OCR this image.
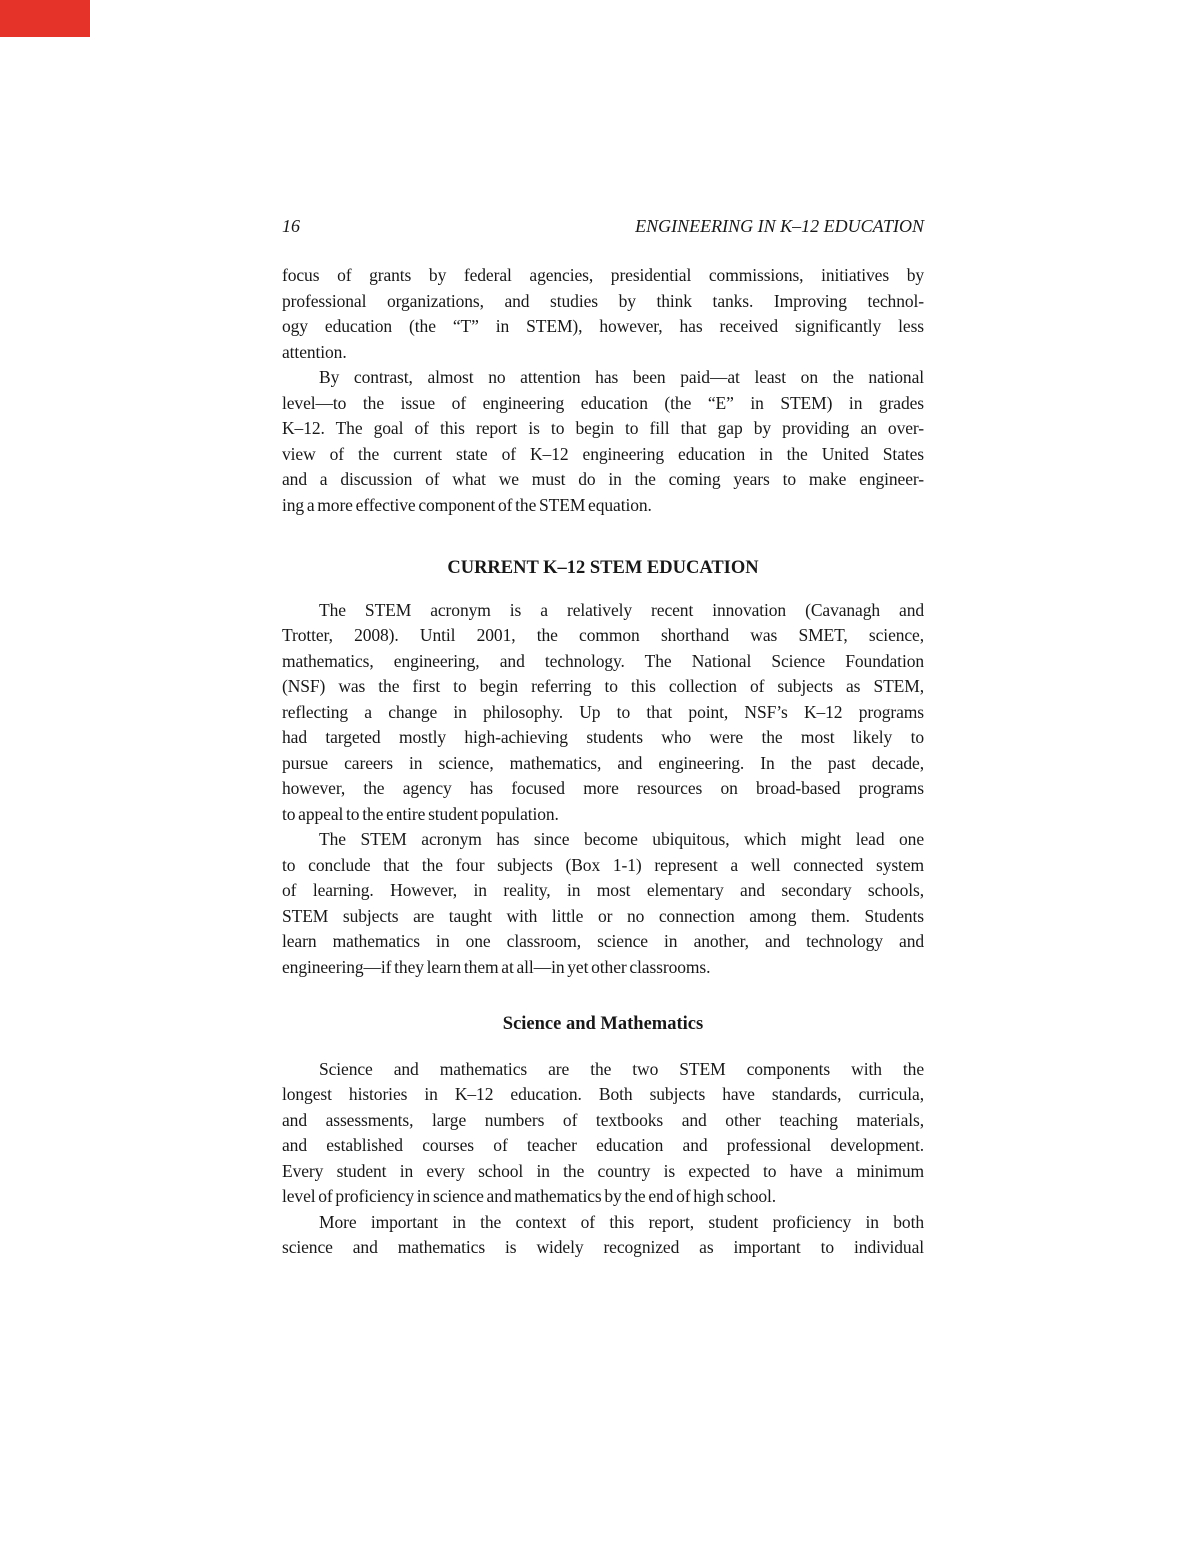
16	ENGINEERING IN K–12 EDUCATION
focus of grants by federal agencies, presidential commissions, initiatives by
professional organizations, and studies by think tanks. Improving technol-
ogy education (the “T” in STEM), however, has received significantly less
attention.
By contrast, almost no attention has been paid—at least on the national
level—to the issue of engineering education (the “E” in STEM) in grades
K–12. The goal of this report is to begin to fill that gap by providing an over-
view of the current state of K–12 engineering education in the United States
and a discussion of what we must do in the coming years to make engineer-
ing a more effective component of the STEM equation.
CURRENT K–12 STEM EDUCATION
The STEM acronym is a relatively recent innovation (Cavanagh and
Trotter, 2008). Until 2001, the common shorthand was SMET, science,
mathematics, engineering, and technology. The National Science Foundation
(NSF) was the first to begin referring to this collection of subjects as STEM,
reflecting a change in philosophy. Up to that point, NSF’s K–12 programs
had targeted mostly high-achieving students who were the most likely to
pursue careers in science, mathematics, and engineering. In the past decade,
however, the agency has focused more resources on broad-based programs
to appeal to the entire student population.
The STEM acronym has since become ubiquitous, which might lead one
to conclude that the four subjects (Box 1-1) represent a well connected system
of learning. However, in reality, in most elementary and secondary schools,
STEM subjects are taught with little or no connection among them. Students
learn mathematics in one classroom, science in another, and technology and
engineering—if they learn them at all—in yet other classrooms.
Science and Mathematics
Science and mathematics are the two STEM components with the
longest histories in K–12 education. Both subjects have standards, curricula,
and assessments, large numbers of textbooks and other teaching materials,
and established courses of teacher education and professional development.
Every student in every school in the country is expected to have a minimum
level of proficiency in science and mathematics by the end of high school.
More important in the context of this report, student proficiency in both
science and mathematics is widely recognized as important to individual
